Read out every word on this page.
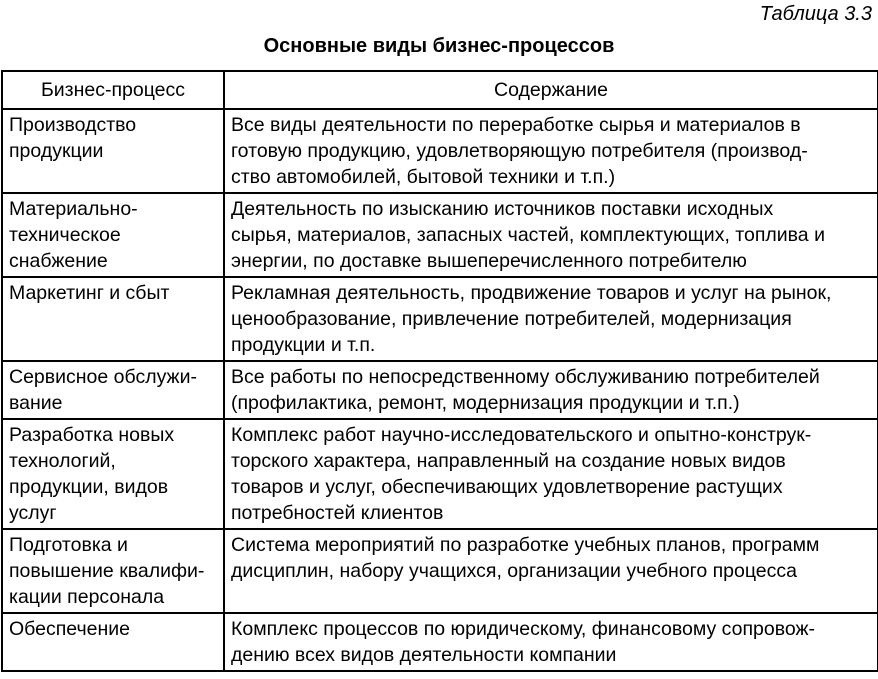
Таблица 3.3
Основные виды бизнес-процессов
Бизнес-процесс	Содержание

Производство
продукции	Все виды деятельности по переработке сырья и материалов в
готовую продукцию, удовлетворяющую потребителя (производ-
ство автомобилей, бытовой техники и т.п.)

Материально-
техническое
снабжение	Деятельность по изысканию источников поставки исходных
сырья, материалов, запасных частей, комплектующих, топлива и
энергии, по доставке вышеперечисленного потребителю

Маркетинг и сбыт	Рекламная деятельность, продвижение товаров и услуг на рынок,
ценообразование, привлечение потребителей, модернизация
продукции и т.п.

Сервисное обслужи-
вание	Все работы по непосредственному обслуживанию потребителей
(профилактика, ремонт, модернизация продукции и т.п.)

Разработка новых
технологий,
продукции, видов
услуг	Комплекс работ научно-исследовательского и опытно-конструк-
торского характера, направленный на создание новых видов
товаров и услуг, обеспечивающих удовлетворение растущих
потребностей клиентов

Подготовка и
повышение квалифи-
кации персонала	Система мероприятий по разработке учебных планов, программ
дисциплин, набору учащихся, организации учебного процесса

Обеспечение	Комплекс процессов по юридическому, финансовому сопровож-
дению всех видов деятельности компании
